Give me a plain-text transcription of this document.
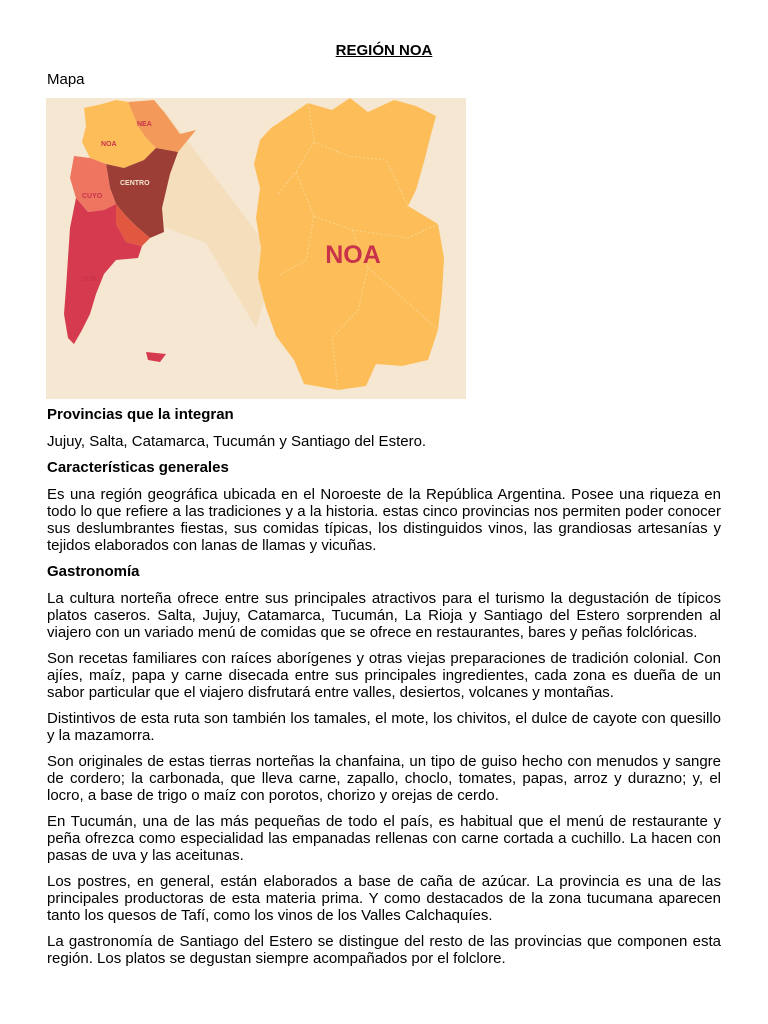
REGIÓN NOA

Mapa

NEA
NOA
CENTRO
CUYO
SUR
NOA
Provincias que la integran

Jujuy, Salta, Catamarca, Tucumán y Santiago del Estero.

Características generales

Es una región geográfica ubicada en el Noroeste de la República Argentina. Posee una riqueza en todo lo que refiere a las tradiciones y a la historia. estas cinco provincias nos permiten poder conocer sus deslumbrantes fiestas, sus comidas típicas, los distinguidos vinos, las grandiosas artesanías y tejidos elaborados con lanas de llamas y vicuñas.

Gastronomía

La cultura norteña ofrece entre sus principales atractivos para el turismo la degustación de típicos platos caseros. Salta, Jujuy, Catamarca, Tucumán, La Rioja y Santiago del Estero sorprenden al viajero con un variado menú de comidas que se ofrece en restaurantes, bares y peñas folclóricas.

Son recetas familiares con raíces aborígenes y otras viejas preparaciones de tradición colonial. Con ajíes, maíz, papa y carne disecada entre sus principales ingredientes, cada zona es dueña de un sabor particular que el viajero disfrutará entre valles, desiertos, volcanes y montañas.

Distintivos de esta ruta son también los tamales, el mote, los chivitos, el dulce de cayote con quesillo y la mazamorra.

Son originales de estas tierras norteñas la chanfaina, un tipo de guiso hecho con menudos y sangre de cordero; la carbonada, que lleva carne, zapallo, choclo, tomates, papas, arroz y durazno; y, el locro, a base de trigo o maíz con porotos, chorizo y orejas de cerdo.

En Tucumán, una de las más pequeñas de todo el país, es habitual que el menú de restaurante y peña ofrezca como especialidad las empanadas rellenas con carne cortada a cuchillo. La hacen con pasas de uva y las aceitunas.

Los postres, en general, están elaborados a base de caña de azúcar. La provincia es una de las principales productoras de esta materia prima. Y como destacados de la zona tucumana aparecen tanto los quesos de Tafí, como los vinos de los Valles Calchaquíes.

La gastronomía de Santiago del Estero se distingue del resto de las provincias que componen esta región. Los platos se degustan siempre acompañados por el folclore.
